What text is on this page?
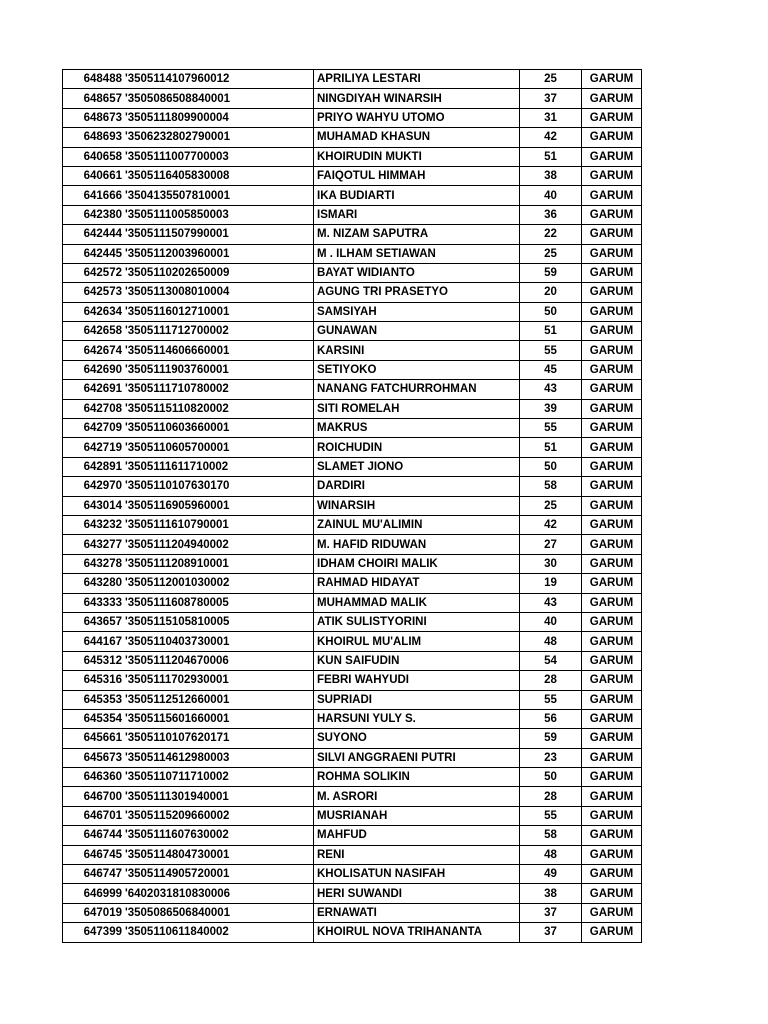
648488	'3505114107960012	APRILIYA LESTARI	25	GARUM
648657	'3505086508840001	NINGDIYAH WINARSIH	37	GARUM
648673	'3505111809900004	PRIYO WAHYU UTOMO	31	GARUM
648693	'3506232802790001	MUHAMAD KHASUN	42	GARUM
640658	'3505111007700003	KHOIRUDIN MUKTI	51	GARUM
640661	'3505116405830008	FAIQOTUL HIMMAH	38	GARUM
641666	'3504135507810001	IKA BUDIARTI	40	GARUM
642380	'3505111005850003	ISMARI	36	GARUM
642444	'3505111507990001	M. NIZAM SAPUTRA	22	GARUM
642445	'3505112003960001	M . ILHAM SETIAWAN	25	GARUM
642572	'3505110202650009	BAYAT WIDIANTO	59	GARUM
642573	'3505113008010004	AGUNG TRI PRASETYO	20	GARUM
642634	'3505116012710001	SAMSIYAH	50	GARUM
642658	'3505111712700002	GUNAWAN	51	GARUM
642674	'3505114606660001	KARSINI	55	GARUM
642690	'3505111903760001	SETIYOKO	45	GARUM
642691	'3505111710780002	NANANG FATCHURROHMAN	43	GARUM
642708	'3505115110820002	SITI ROMELAH	39	GARUM
642709	'3505110603660001	MAKRUS	55	GARUM
642719	'3505110605700001	ROICHUDIN	51	GARUM
642891	'3505111611710002	SLAMET JIONO	50	GARUM
642970	'3505110107630170	DARDIRI	58	GARUM
643014	'3505116905960001	WINARSIH	25	GARUM
643232	'3505111610790001	ZAINUL MU'ALIMIN	42	GARUM
643277	'3505111204940002	M. HAFID RIDUWAN	27	GARUM
643278	'3505111208910001	IDHAM CHOIRI MALIK	30	GARUM
643280	'3505112001030002	RAHMAD HIDAYAT	19	GARUM
643333	'3505111608780005	MUHAMMAD MALIK	43	GARUM
643657	'3505115105810005	ATIK SULISTYORINI	40	GARUM
644167	'3505110403730001	KHOIRUL MU'ALIM	48	GARUM
645312	'3505111204670006	KUN SAIFUDIN	54	GARUM
645316	'3505111702930001	FEBRI WAHYUDI	28	GARUM
645353	'3505112512660001	SUPRIADI	55	GARUM
645354	'3505115601660001	HARSUNI YULY S.	56	GARUM
645661	'3505110107620171	SUYONO	59	GARUM
645673	'3505114612980003	SILVI ANGGRAENI PUTRI	23	GARUM
646360	'3505110711710002	ROHMA SOLIKIN	50	GARUM
646700	'3505111301940001	M. ASRORI	28	GARUM
646701	'3505115209660002	MUSRIANAH	55	GARUM
646744	'3505111607630002	MAHFUD	58	GARUM
646745	'3505114804730001	RENI	48	GARUM
646747	'3505114905720001	KHOLISATUN NASIFAH	49	GARUM
646999	'6402031810830006	HERI SUWANDI	38	GARUM
647019	'3505086506840001	ERNAWATI	37	GARUM
647399	'3505110611840002	KHOIRUL NOVA TRIHANANTA	37	GARUM
